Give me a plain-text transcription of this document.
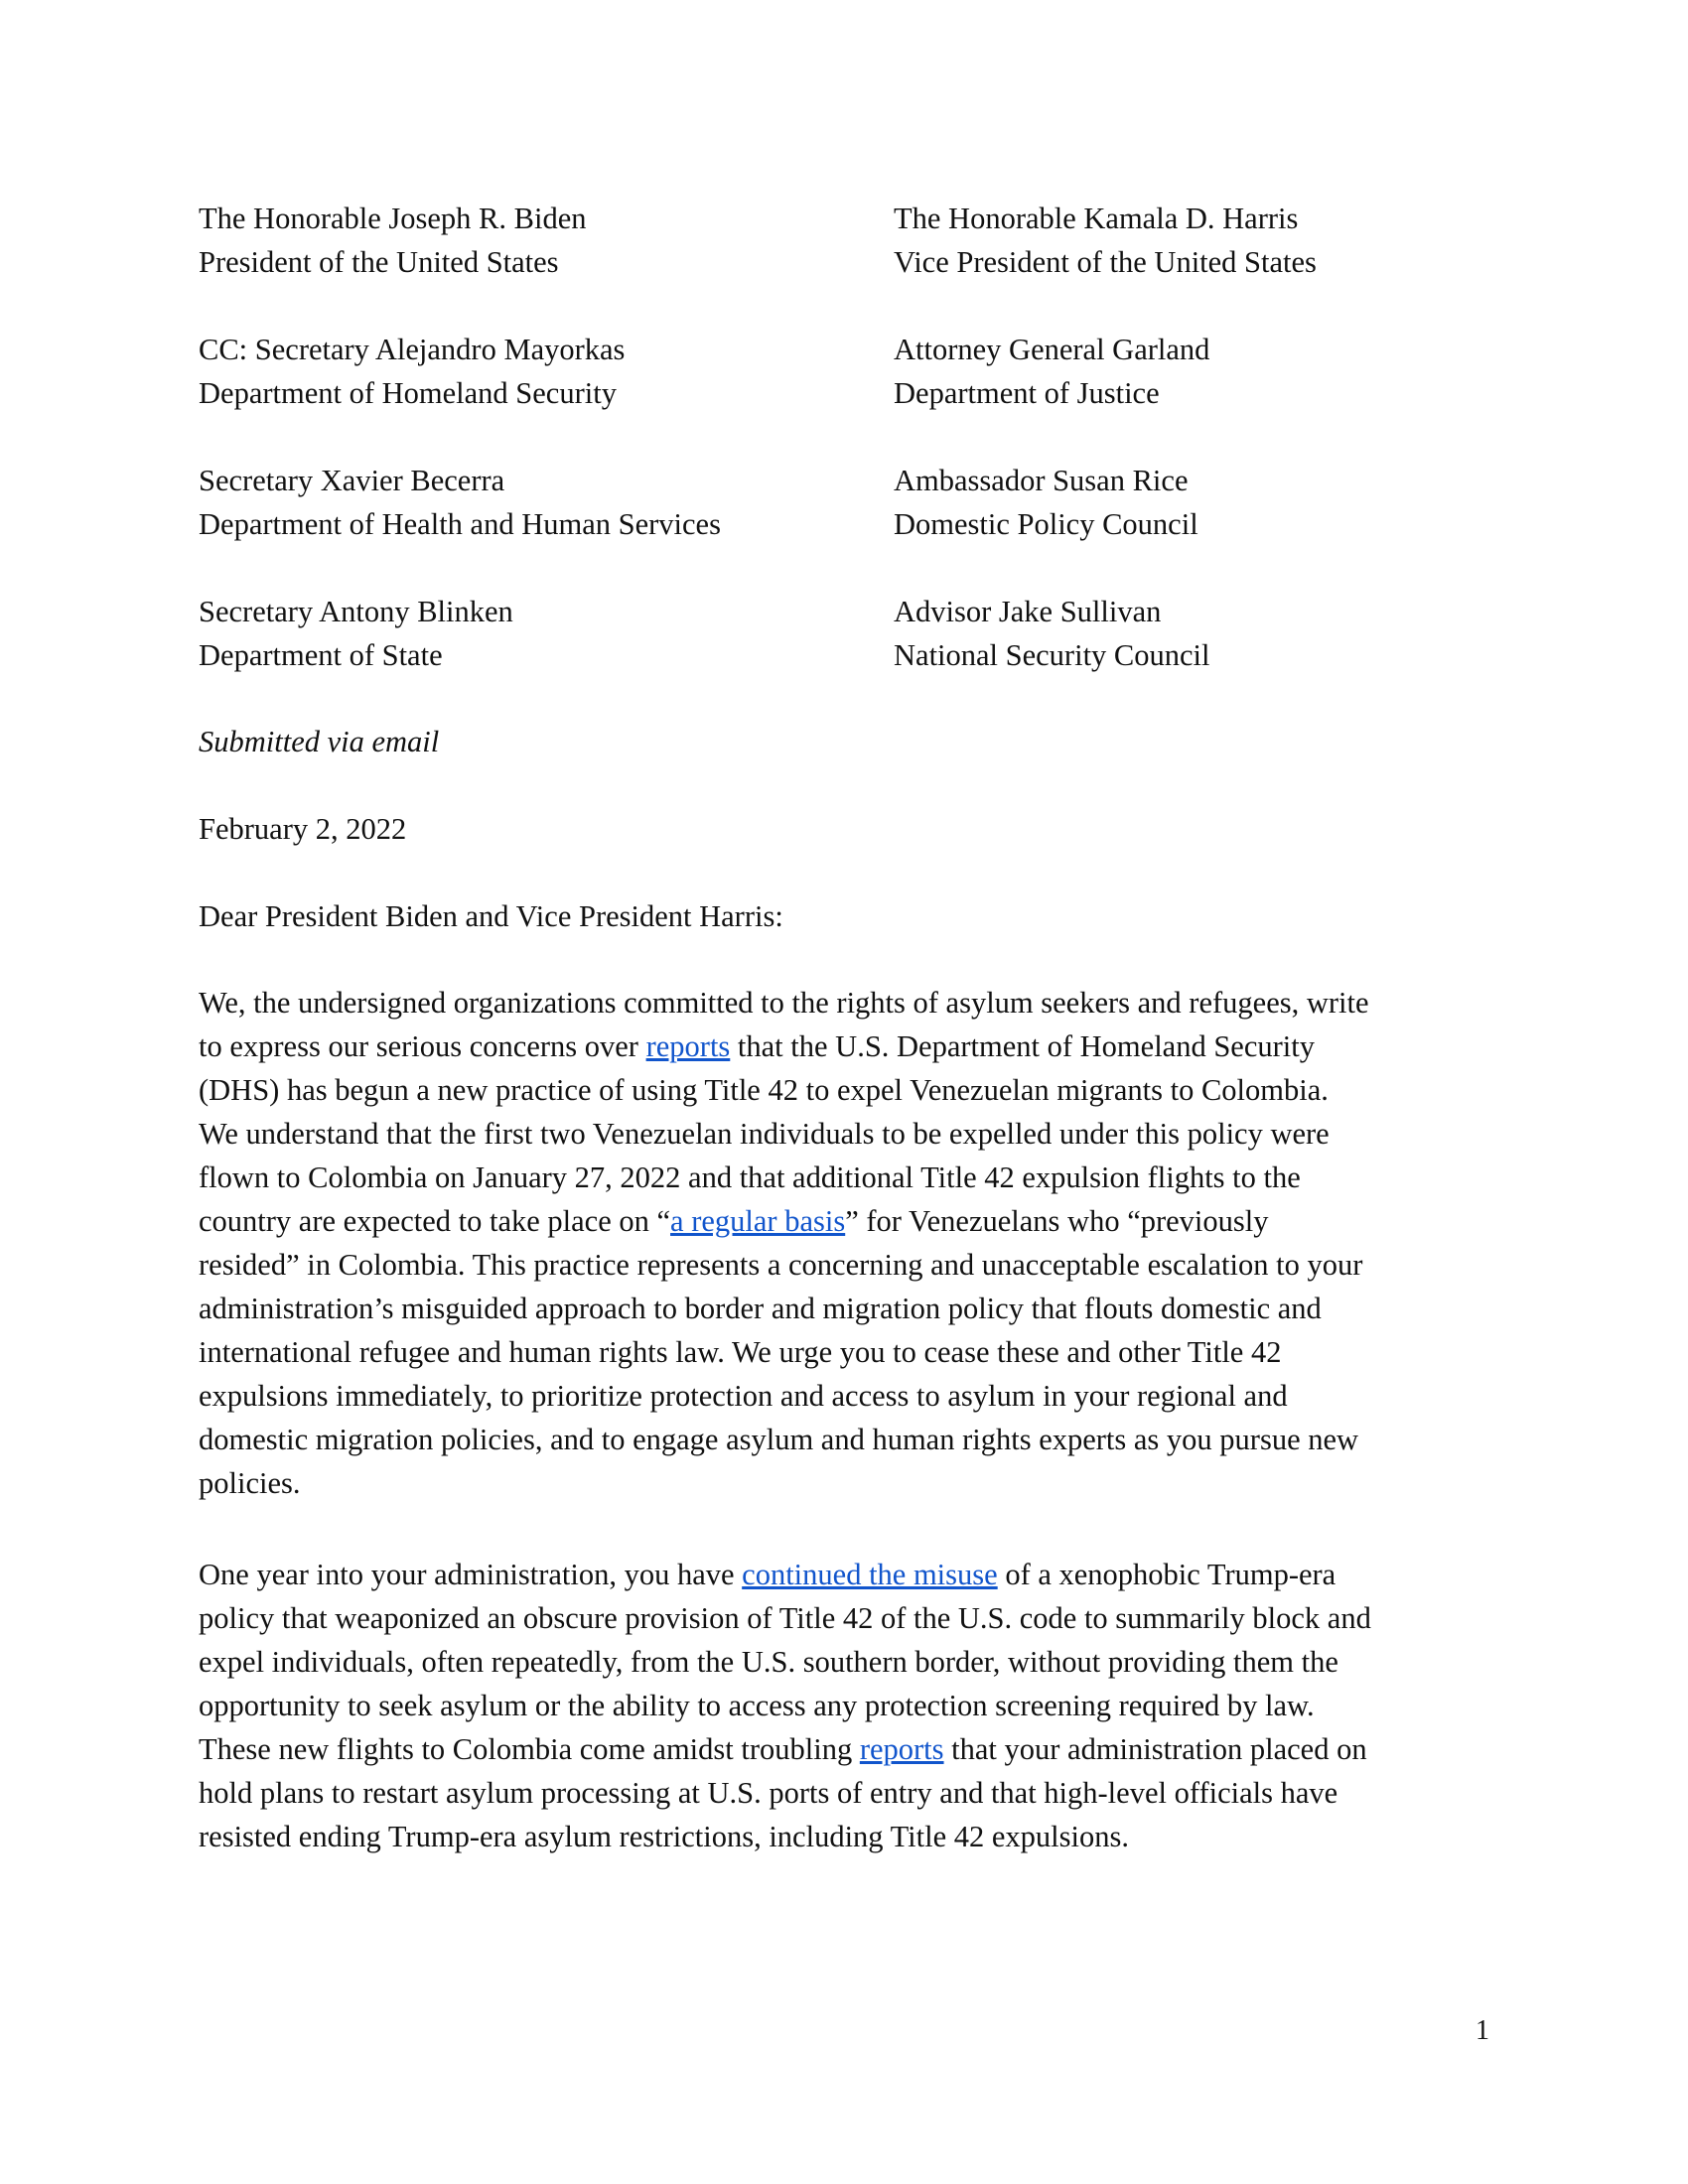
The Honorable Joseph R. Biden
President of the United States
The Honorable Kamala D. Harris
Vice President of the United States
CC: Secretary Alejandro Mayorkas
Department of Homeland Security
Attorney General Garland
Department of Justice
Secretary Xavier Becerra
Department of Health and Human Services
Ambassador Susan Rice
Domestic Policy Council
Secretary Antony Blinken
Department of State
Advisor Jake Sullivan
National Security Council
Submitted via email
February 2, 2022
Dear President Biden and Vice President Harris:
We, the undersigned organizations committed to the rights of asylum seekers and refugees, write
to express our serious concerns over reports that the U.S. Department of Homeland Security
(DHS) has begun a new practice of using Title 42 to expel Venezuelan migrants to Colombia.
We understand that the first two Venezuelan individuals to be expelled under this policy were
flown to Colombia on January 27, 2022 and that additional Title 42 expulsion flights to the
country are expected to take place on “a regular basis” for Venezuelans who “previously
resided” in Colombia. This practice represents a concerning and unacceptable escalation to your
administration’s misguided approach to border and migration policy that flouts domestic and
international refugee and human rights law. We urge you to cease these and other Title 42
expulsions immediately, to prioritize protection and access to asylum in your regional and
domestic migration policies, and to engage asylum and human rights experts as you pursue new
policies.
One year into your administration, you have continued the misuse of a xenophobic Trump-era
policy that weaponized an obscure provision of Title 42 of the U.S. code to summarily block and
expel individuals, often repeatedly, from the U.S. southern border, without providing them the
opportunity to seek asylum or the ability to access any protection screening required by law.
These new flights to Colombia come amidst troubling reports that your administration placed on
hold plans to restart asylum processing at U.S. ports of entry and that high-level officials have
resisted ending Trump-era asylum restrictions, including Title 42 expulsions.
1
